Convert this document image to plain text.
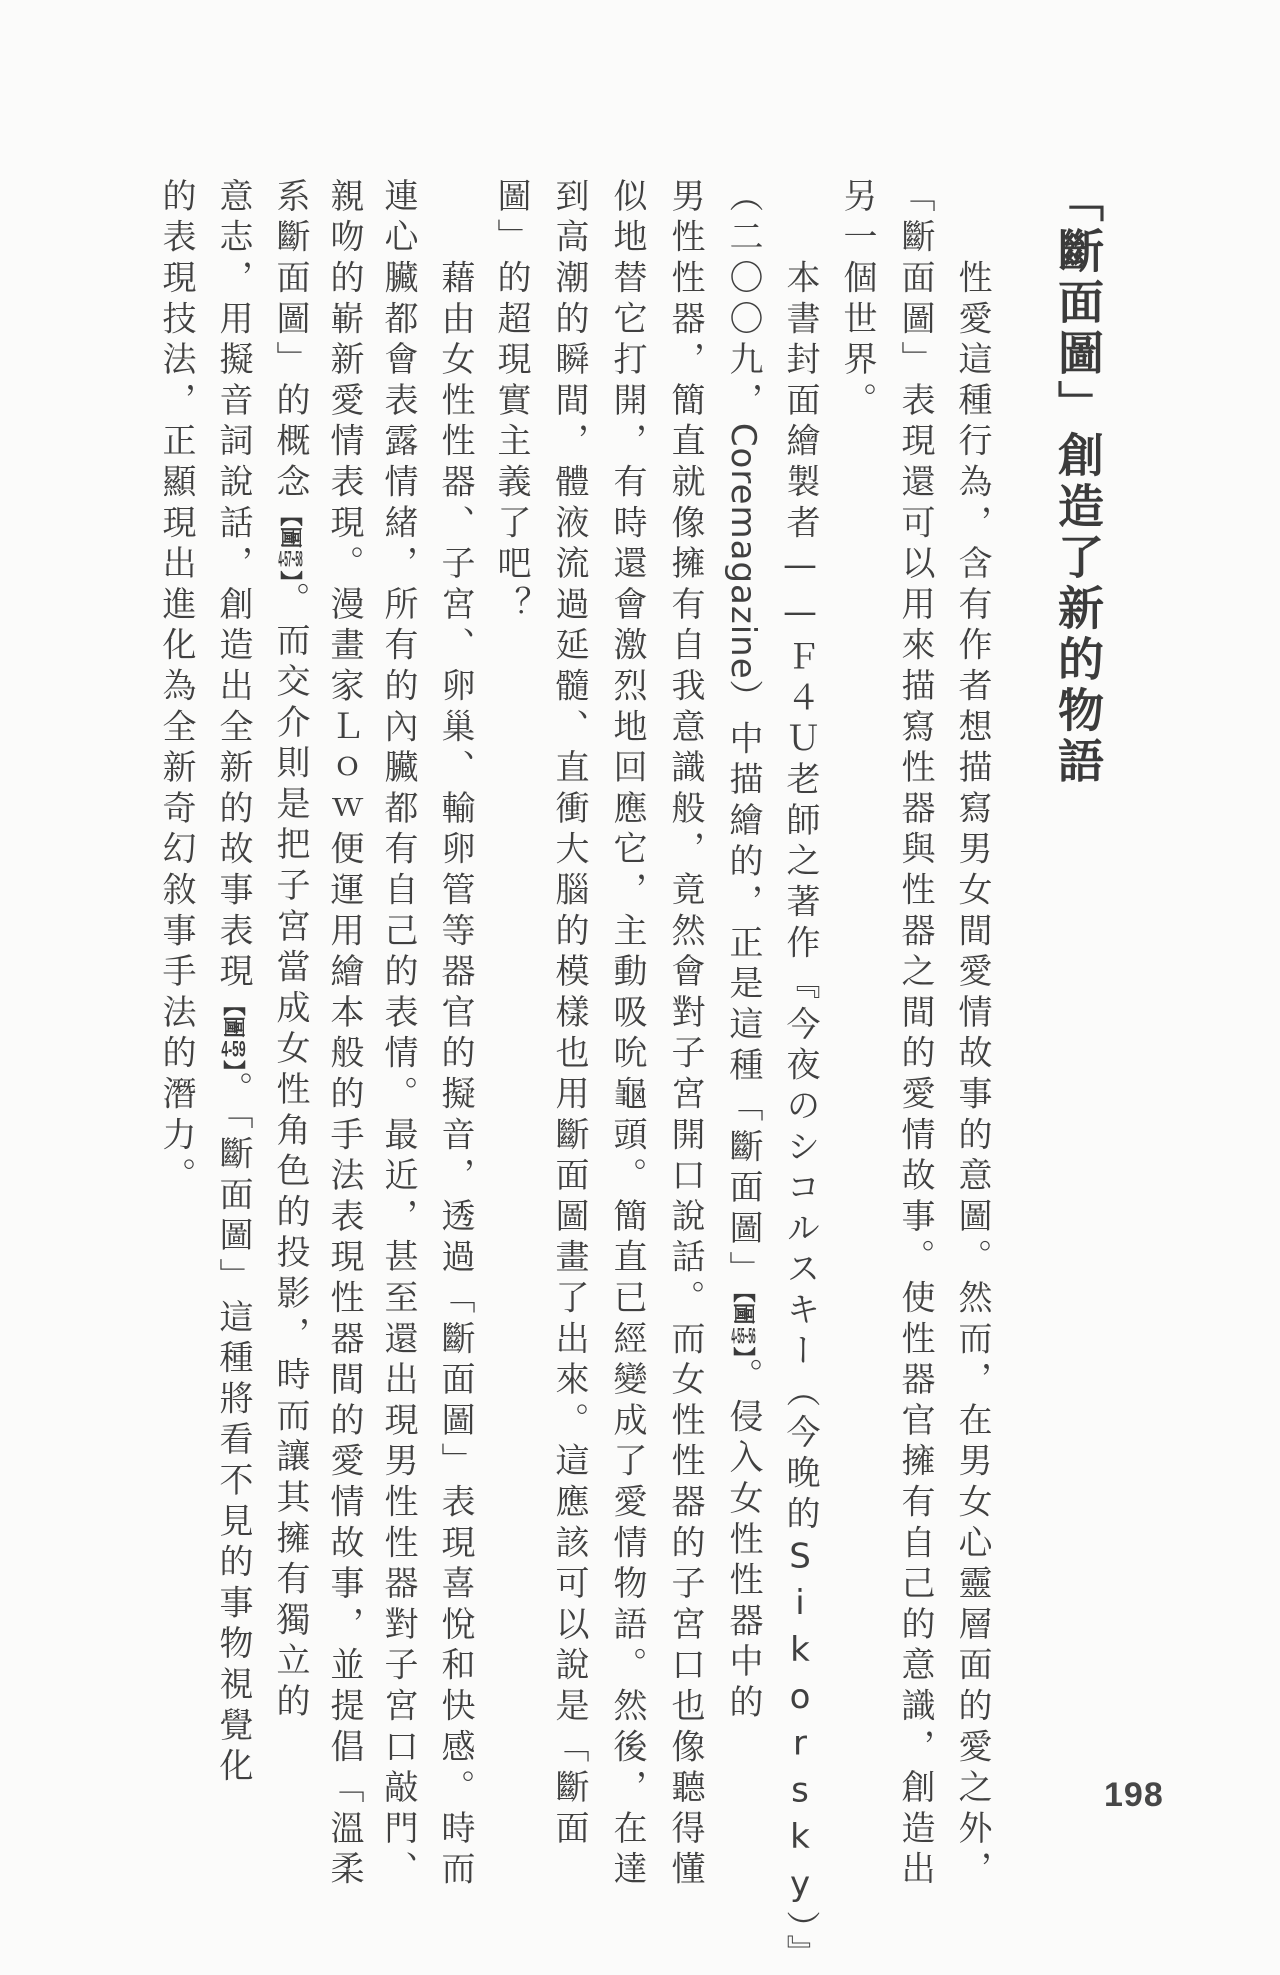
「斷面圖」創造了新的物語
　　性愛這種行為，含有作者想描寫男女間愛情故事的意圖。然而，在男女心靈層面的愛之外，
「斷面圖」表現還可以用來描寫性器與性器之間的愛情故事。使性器官擁有自己的意識，創造出
另一個世界。
　　本書封面繪製者——Ｆ４Ｕ老師之著作『今夜のシコルスキー（今晚的Sikorsky）』
（二〇〇九，Coremagazine）中描繪的，正是這種「斷面圖」【圖4-55~56】。侵入女性性器中的
男性性器，簡直就像擁有自我意識般，竟然會對子宮開口說話。而女性性器的子宮口也像聽得懂
似地替它打開，有時還會激烈地回應它，主動吸吮龜頭。簡直已經變成了愛情物語。然後，在達
到高潮的瞬間，體液流過延髓、直衝大腦的模樣也用斷面圖畫了出來。這應該可以說是「斷面
圖」的超現實主義了吧？
　　藉由女性性器、子宮、卵巢、輸卵管等器官的擬音，透過「斷面圖」表現喜悅和快感。時而
連心臟都會表露情緒，所有的內臟都有自己的表情。最近，甚至還出現男性性器對子宮口敲門、
親吻的嶄新愛情表現。漫畫家Ｌｏｗ便運用繪本般的手法表現性器間的愛情故事，並提倡「溫柔
系斷面圖」的概念【圖4-57~58】。而交介則是把子宮當成女性角色的投影，時而讓其擁有獨立的
意志，用擬音詞說話，創造出全新的故事表現【圖4-59】。「斷面圖」這種將看不見的事物視覺化
的表現技法，正顯現出進化為全新奇幻敘事手法的潛力。
198
